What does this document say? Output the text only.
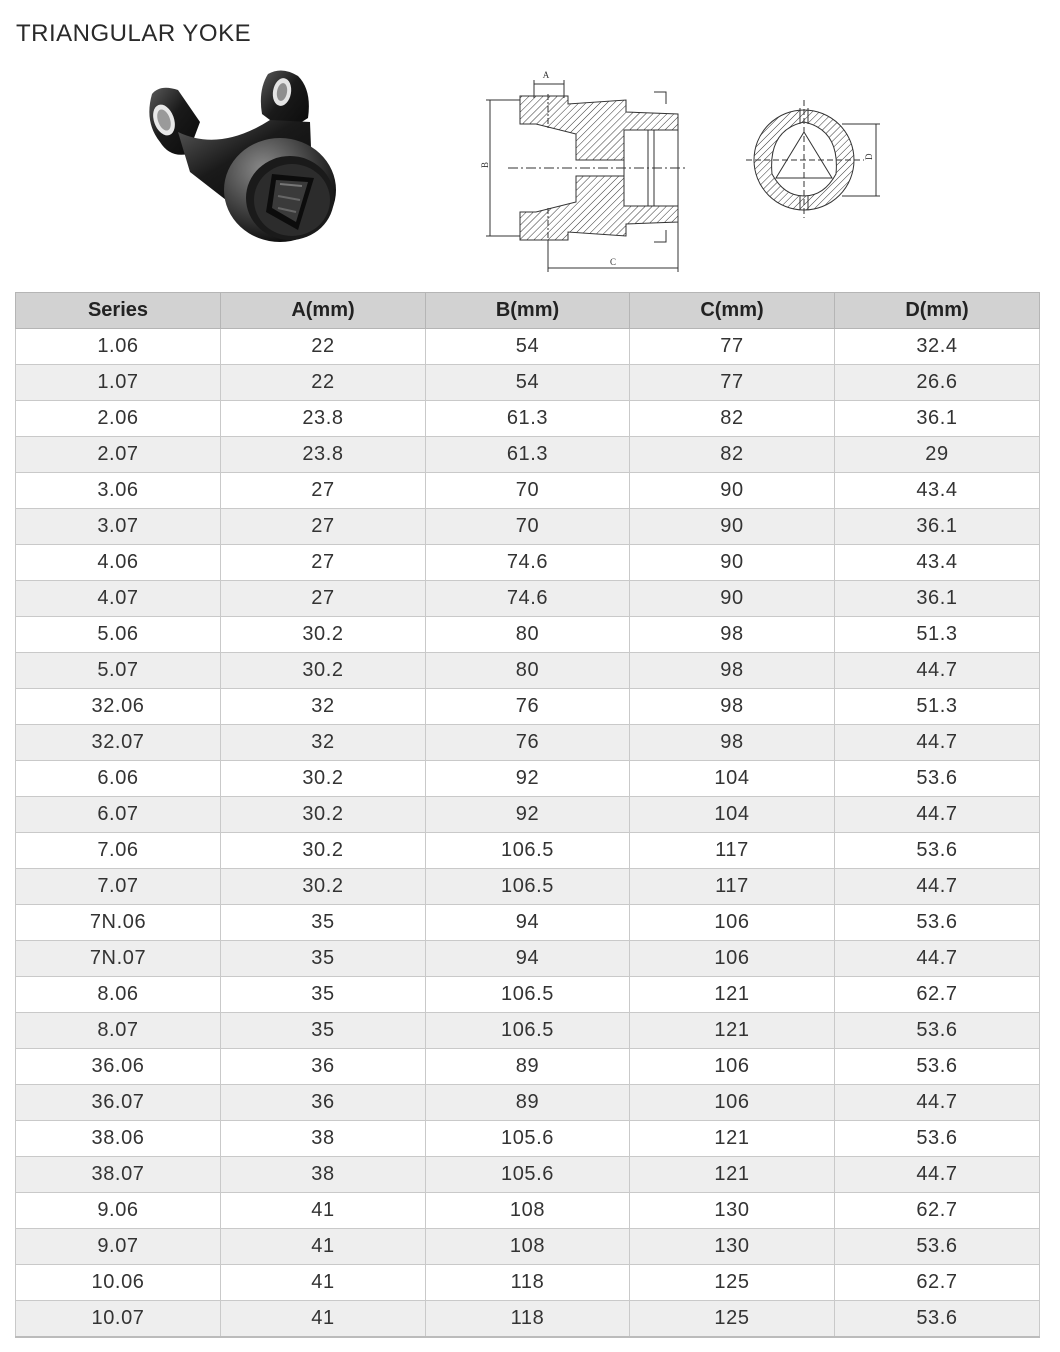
TRIANGULAR YOKE
A
B
C
D
Series	A(mm)	B(mm)	C(mm)	D(mm)
1.06	22	54	77	32.4
1.07	22	54	77	26.6
2.06	23.8	61.3	82	36.1
2.07	23.8	61.3	82	29
3.06	27	70	90	43.4
3.07	27	70	90	36.1
4.06	27	74.6	90	43.4
4.07	27	74.6	90	36.1
5.06	30.2	80	98	51.3
5.07	30.2	80	98	44.7
32.06	32	76	98	51.3
32.07	32	76	98	44.7
6.06	30.2	92	104	53.6
6.07	30.2	92	104	44.7
7.06	30.2	106.5	117	53.6
7.07	30.2	106.5	117	44.7
7N.06	35	94	106	53.6
7N.07	35	94	106	44.7
8.06	35	106.5	121	62.7
8.07	35	106.5	121	53.6
36.06	36	89	106	53.6
36.07	36	89	106	44.7
38.06	38	105.6	121	53.6
38.07	38	105.6	121	44.7
9.06	41	108	130	62.7
9.07	41	108	130	53.6
10.06	41	118	125	62.7
10.07	41	118	125	53.6
